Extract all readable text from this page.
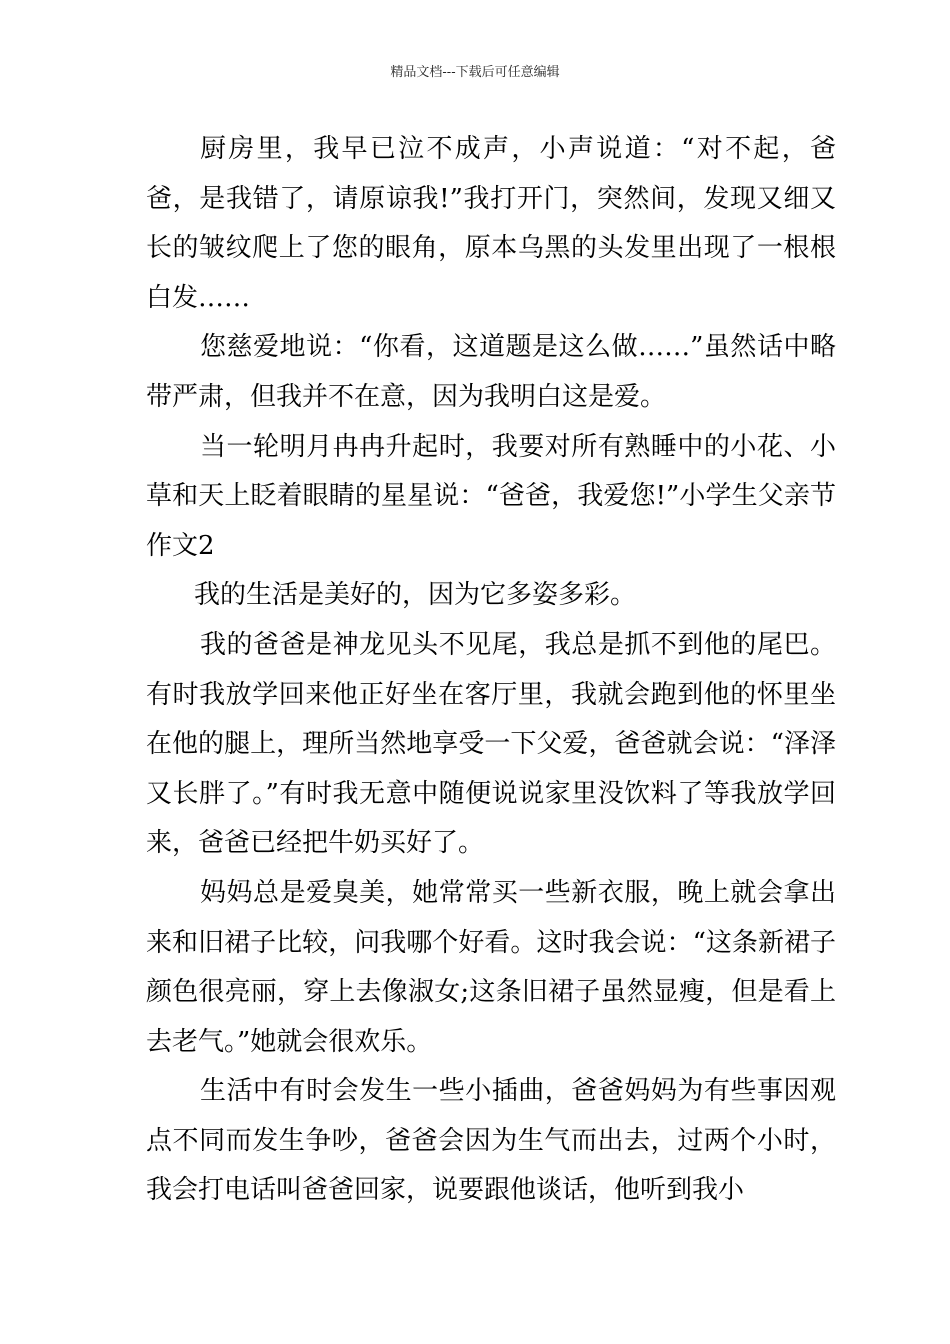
精品文档---下载后可任意编辑

厨房里，我早已泣不成声，小声说道：“对不起，爸爸，是我错了，请原谅我!”我打开门，突然间，发现又细又长的皱纹爬上了您的眼角，原本乌黑的头发里出现了一根根白发……

您慈爱地说：“你看，这道题是这么做……”虽然话中略带严肃，但我并不在意，因为我明白这是爱。

当一轮明月冉冉升起时，我要对所有熟睡中的小花、小草和天上眨着眼睛的星星说：“爸爸，我爱您!”小学生父亲节作文2

我的生活是美好的，因为它多姿多彩。

我的爸爸是神龙见头不见尾，我总是抓不到他的尾巴。有时我放学回来他正好坐在客厅里，我就会跑到他的怀里坐在他的腿上，理所当然地享受一下父爱，爸爸就会说：“泽泽又长胖了。”有时我无意中随便说说家里没饮料了等我放学回来，爸爸已经把牛奶买好了。

妈妈总是爱臭美，她常常买一些新衣服，晚上就会拿出来和旧裙子比较，问我哪个好看。这时我会说：“这条新裙子颜色很亮丽，穿上去像淑女;这条旧裙子虽然显瘦，但是看上去老气。”她就会很欢乐。

生活中有时会发生一些小插曲，爸爸妈妈为有些事因观点不同而发生争吵，爸爸会因为生气而出去，过两个小时，我会打电话叫爸爸回家，说要跟他谈话，他听到我小
